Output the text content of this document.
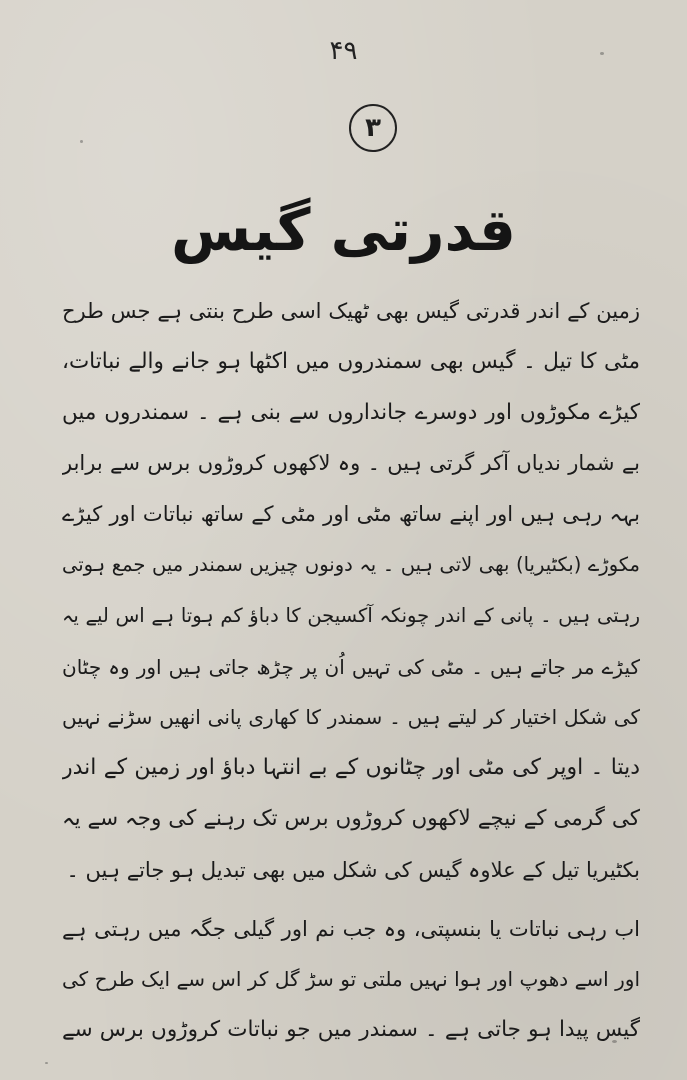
۴۹
۳
قدرتی گیس
زمین کے اندر قدرتی گیس بھی ٹھیک اسی طرح بنتی ہے جس طرح
مٹی کا تیل ۔ گیس بھی سمندروں میں اکٹھا ہو جانے والے نباتات،
کیڑے مکوڑوں اور دوسرے جانداروں سے بنی ہے ۔ سمندروں میں
بے شمار ندیاں آکر گرتی ہیں ۔ وہ لاکھوں کروڑوں برس سے برابر
بہہ رہی ہیں اور اپنے ساتھ مٹی اور مٹی کے ساتھ نباتات اور کیڑے
مکوڑے (بکٹیریا) بھی لاتی ہیں ۔ یہ دونوں چیزیں سمندر میں جمع ہوتی
رہتی ہیں ۔ پانی کے اندر چونکہ آکسیجن کا دباؤ کم ہوتا ہے اس لیے یہ
کیڑے مر جاتے ہیں ۔ مٹی کی تہیں اُن پر چڑھ جاتی ہیں اور وہ چٹان
کی شکل اختیار کر لیتے ہیں ۔ سمندر کا کھاری پانی انھیں سڑنے نہیں
دیتا ۔ اوپر کی مٹی اور چٹانوں کے بے انتہا دباؤ اور زمین کے اندر
کی گرمی کے نیچے لاکھوں کروڑوں برس تک رہنے کی وجہ سے یہ
بکٹیریا تیل کے علاوہ گیس کی شکل میں بھی تبدیل ہو جاتے ہیں ۔
اب رہی نباتات یا بنسپتی، وہ جب نم اور گیلی جگہ میں رہتی ہے
اور اسے دھوپ اور ہوا نہیں ملتی تو سڑ گل کر اس سے ایک طرح کی
گیس پیدا ہو جاتی ہے ۔ سمندر میں جو نباتات کروڑوں برس سے
